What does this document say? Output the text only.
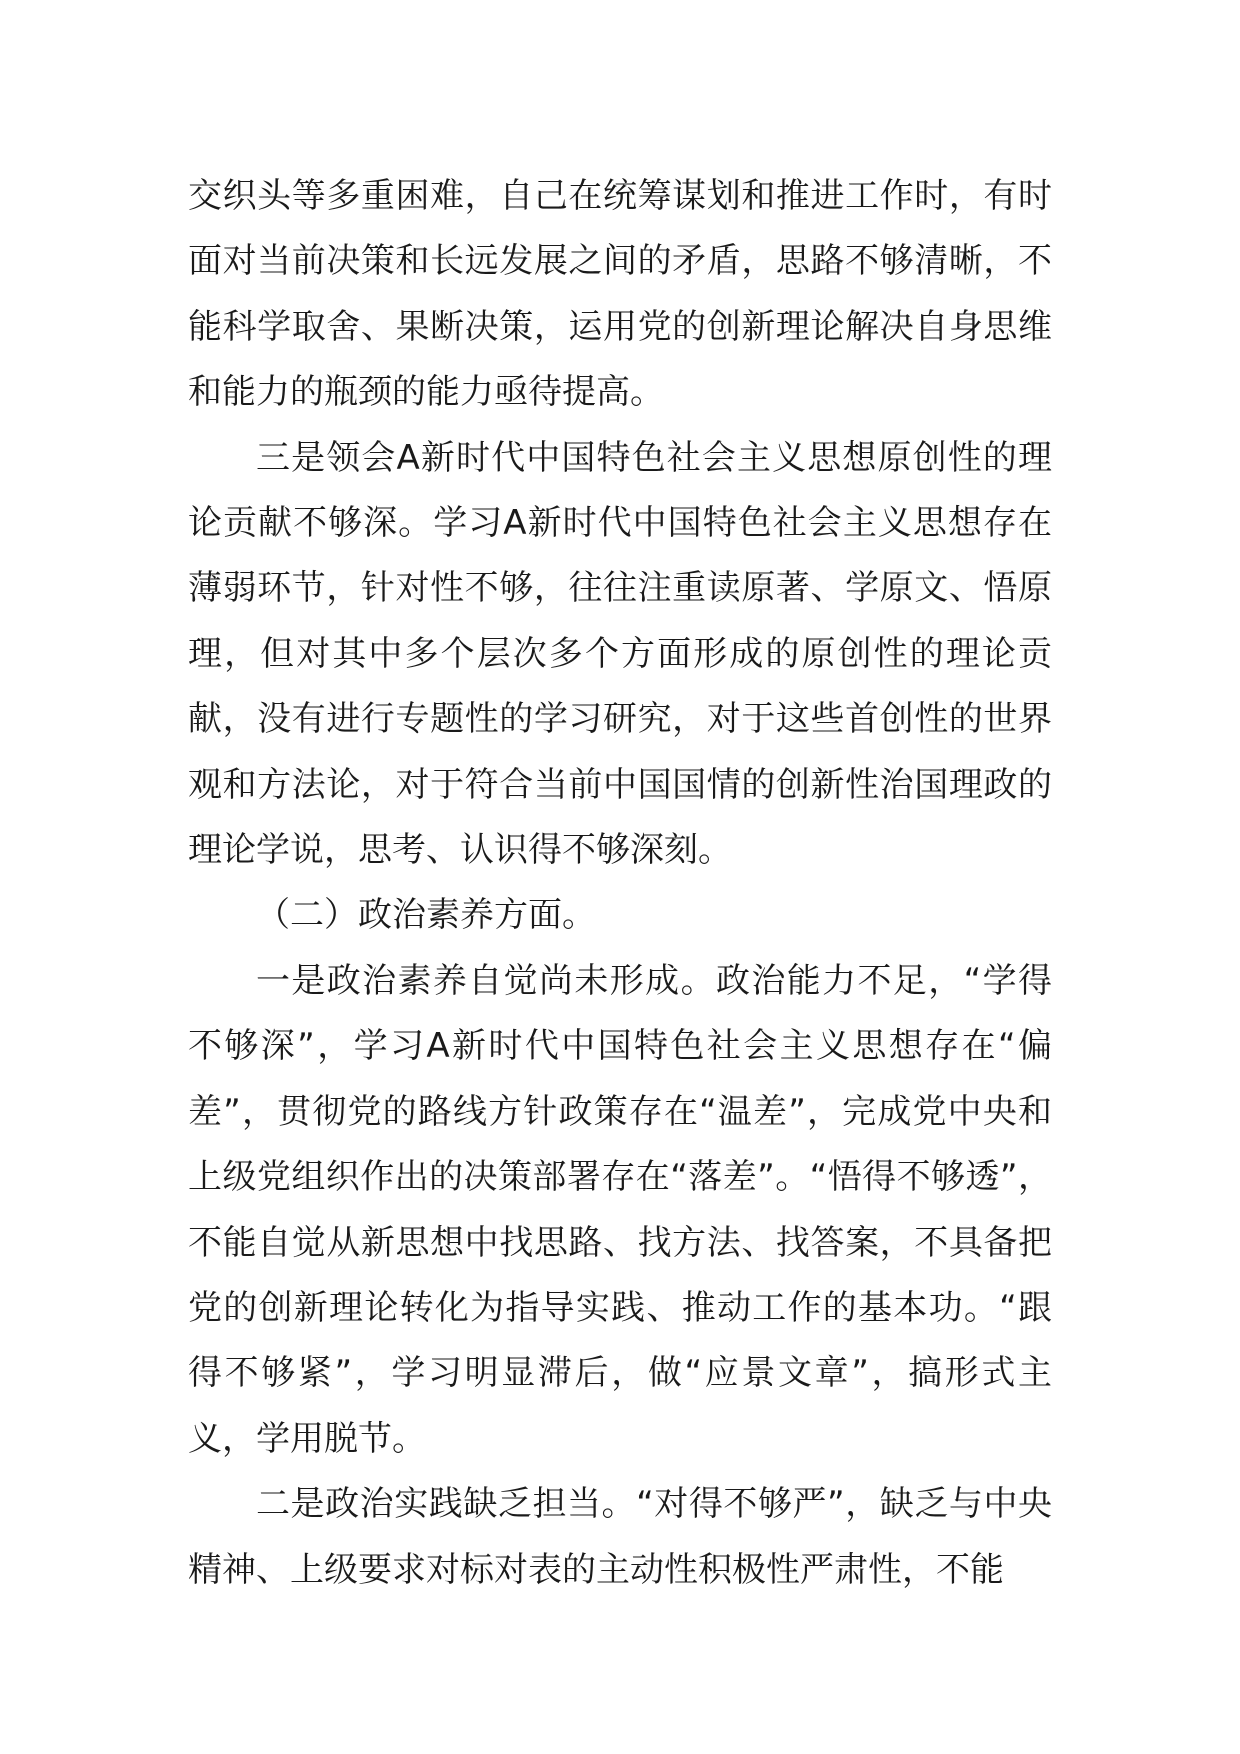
交织头等多重困难，自己在统筹谋划和推进工作时，有时面对当前决策和长远发展之间的矛盾，思路不够清晰，不能科学取舍、果断决策，运用党的创新理论解决自身思维和能力的瓶颈的能力亟待提高。

三是领会A新时代中国特色社会主义思想原创性的理论贡献不够深。学习A新时代中国特色社会主义思想存在薄弱环节，针对性不够，往往注重读原著、学原文、悟原理，但对其中多个层次多个方面形成的原创性的理论贡献，没有进行专题性的学习研究，对于这些首创性的世界观和方法论，对于符合当前中国国情的创新性治国理政的理论学说，思考、认识得不够深刻。

（二）政治素养方面。

一是政治素养自觉尚未形成。政治能力不足，“学得不够深”，学习A新时代中国特色社会主义思想存在“偏差”，贯彻党的路线方针政策存在“温差”，完成党中央和上级党组织作出的决策部署存在“落差”。“悟得不够透”，不能自觉从新思想中找思路、找方法、找答案，不具备把党的创新理论转化为指导实践、推动工作的基本功。“跟得不够紧”，学习明显滞后，做“应景文章”，搞形式主义，学用脱节。

二是政治实践缺乏担当。“对得不够严”，缺乏与中央精神、上级要求对标对表的主动性积极性严肃性，不能
